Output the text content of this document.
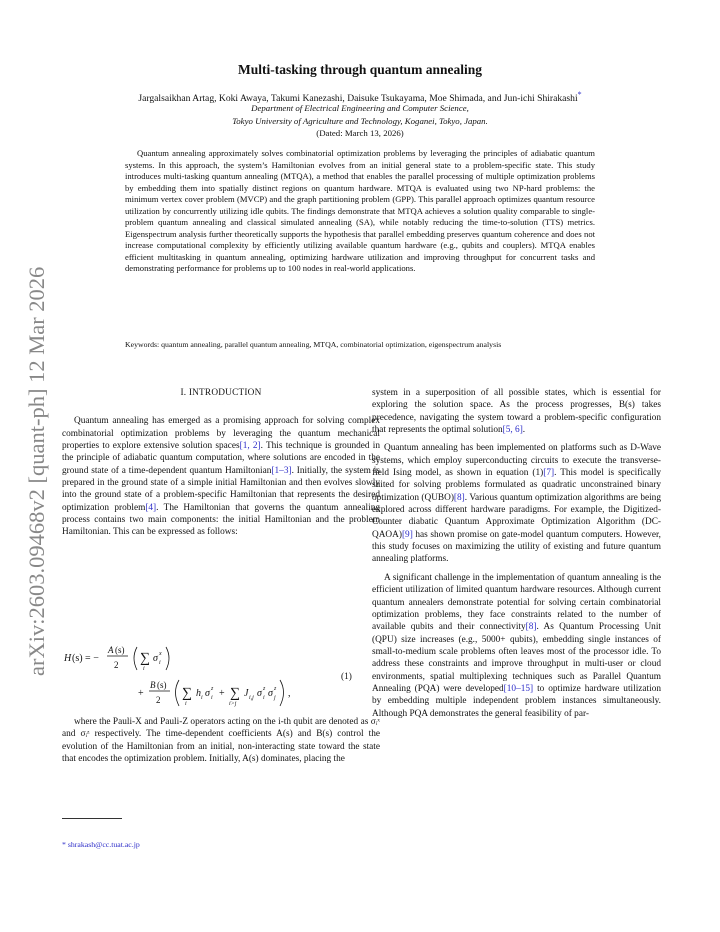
arXiv:2603.09468v2 [quant-ph] 12 Mar 2026
Multi-tasking through quantum annealing
Jargalsaikhan Artag, Koki Awaya, Takumi Kanezashi, Daisuke Tsukayama, Moe Shimada, and Jun-ichi Shirakashi*
Department of Electrical Engineering and Computer Science,
Tokyo University of Agriculture and Technology, Koganei, Tokyo, Japan.
(Dated: March 13, 2026)

Quantum annealing approximately solves combinatorial optimization problems by leveraging the principles of adiabatic quantum systems. In this approach, the system’s Hamiltonian evolves from an initial general state to a problem-specific state. This study introduces multi-tasking quantum annealing (MTQA), a method that enables the parallel processing of multiple optimization problems by embedding them into spatially distinct regions on quantum hardware. MTQA is evaluated using two NP-hard problems: the minimum vertex cover problem (MVCP) and the graph partitioning problem (GPP). This parallel approach optimizes quantum resource utilization by concurrently utilizing idle qubits. The findings demonstrate that MTQA achieves a solution quality comparable to single-problem quantum annealing and classical simulated annealing (SA), while notably reducing the time-to-solution (TTS) metrics. Eigenspectrum analysis further theoretically supports the hypothesis that parallel embedding preserves quantum coherence and does not increase computational complexity by efficiently utilizing available quantum hardware (e.g., qubits and couplers). MTQA enables efficient multitasking in quantum annealing, optimizing hardware utilization and improving throughput for concurrent tasks and demonstrating performance for problems up to 100 nodes in real-world applications.

Keywords: quantum annealing, parallel quantum annealing, MTQA, combinatorial optimization, eigenspectrum analysis
I. INTRODUCTION

Quantum annealing has emerged as a promising approach for solving complex combinatorial optimization problems by leveraging the quantum mechanical properties to explore extensive solution spaces[1, 2]. This technique is grounded in the principle of adiabatic quantum computation, where solutions are encoded in the ground state of a time-dependent quantum Hamiltonian[1–3]. Initially, the system is prepared in the ground state of a simple initial Hamiltonian and then evolves slowly into the ground state of a problem-specific Hamiltonian that represents the desired optimization problem[4]. The Hamiltonian that governs the quantum annealing process contains two main components: the initial Hamiltonian and the problem Hamiltonian. This can be expressed as follows:

H (s) = −
A (s)
2 ∑
i
σ i
x
+
B (s)
2 ∑
i
h i σ i
z + ∑
i>j
J i,j σ i
z σ j
z ,
(1)

where the Pauli-X and Pauli-Z operators acting on the i-th qubit are denoted as σᵢˣ and σᵢᶻ respectively. The time-dependent coefficients A(s) and B(s) control the evolution of the Hamiltonian from an initial, non-interacting state toward the state that encodes the optimization problem. Initially, A(s) dominates, placing the

* shrakash@cc.tuat.ac.jp

system in a superposition of all possible states, which is essential for exploring the solution space. As the process progresses, B(s) takes precedence, navigating the system toward a problem-specific configuration that represents the optimal solution[5, 6].

Quantum annealing has been implemented on platforms such as D-Wave systems, which employ superconducting circuits to execute the transverse-field Ising model, as shown in equation (1)[7]. This model is specifically suited for solving problems formulated as quadratic unconstrained binary optimization (QUBO)[8]. Various quantum optimization algorithms are being explored across different hardware paradigms. For example, the Digitized-Counter diabatic Quantum Approximate Optimization Algorithm (DC-QAOA)[9] has shown promise on gate-model quantum computers. However, this study focuses on maximizing the utility of existing and future quantum annealing platforms.

A significant challenge in the implementation of quantum annealing is the efficient utilization of limited quantum hardware resources. Although current quantum annealers demonstrate potential for solving certain combinatorial optimization problems, they face constraints related to the number of available qubits and their connectivity[8]. As Quantum Processing Unit (QPU) size increases (e.g., 5000+ qubits), embedding single instances of small-to-medium scale problems often leaves most of the processor idle. To address these constraints and improve throughput in multi-user or cloud environments, spatial multiplexing techniques such as Parallel Quantum Annealing (PQA) were developed[10–15] to optimize hardware utilization by embedding multiple independent problem instances simultaneously. Although PQA demonstrates the general feasibility of par-
